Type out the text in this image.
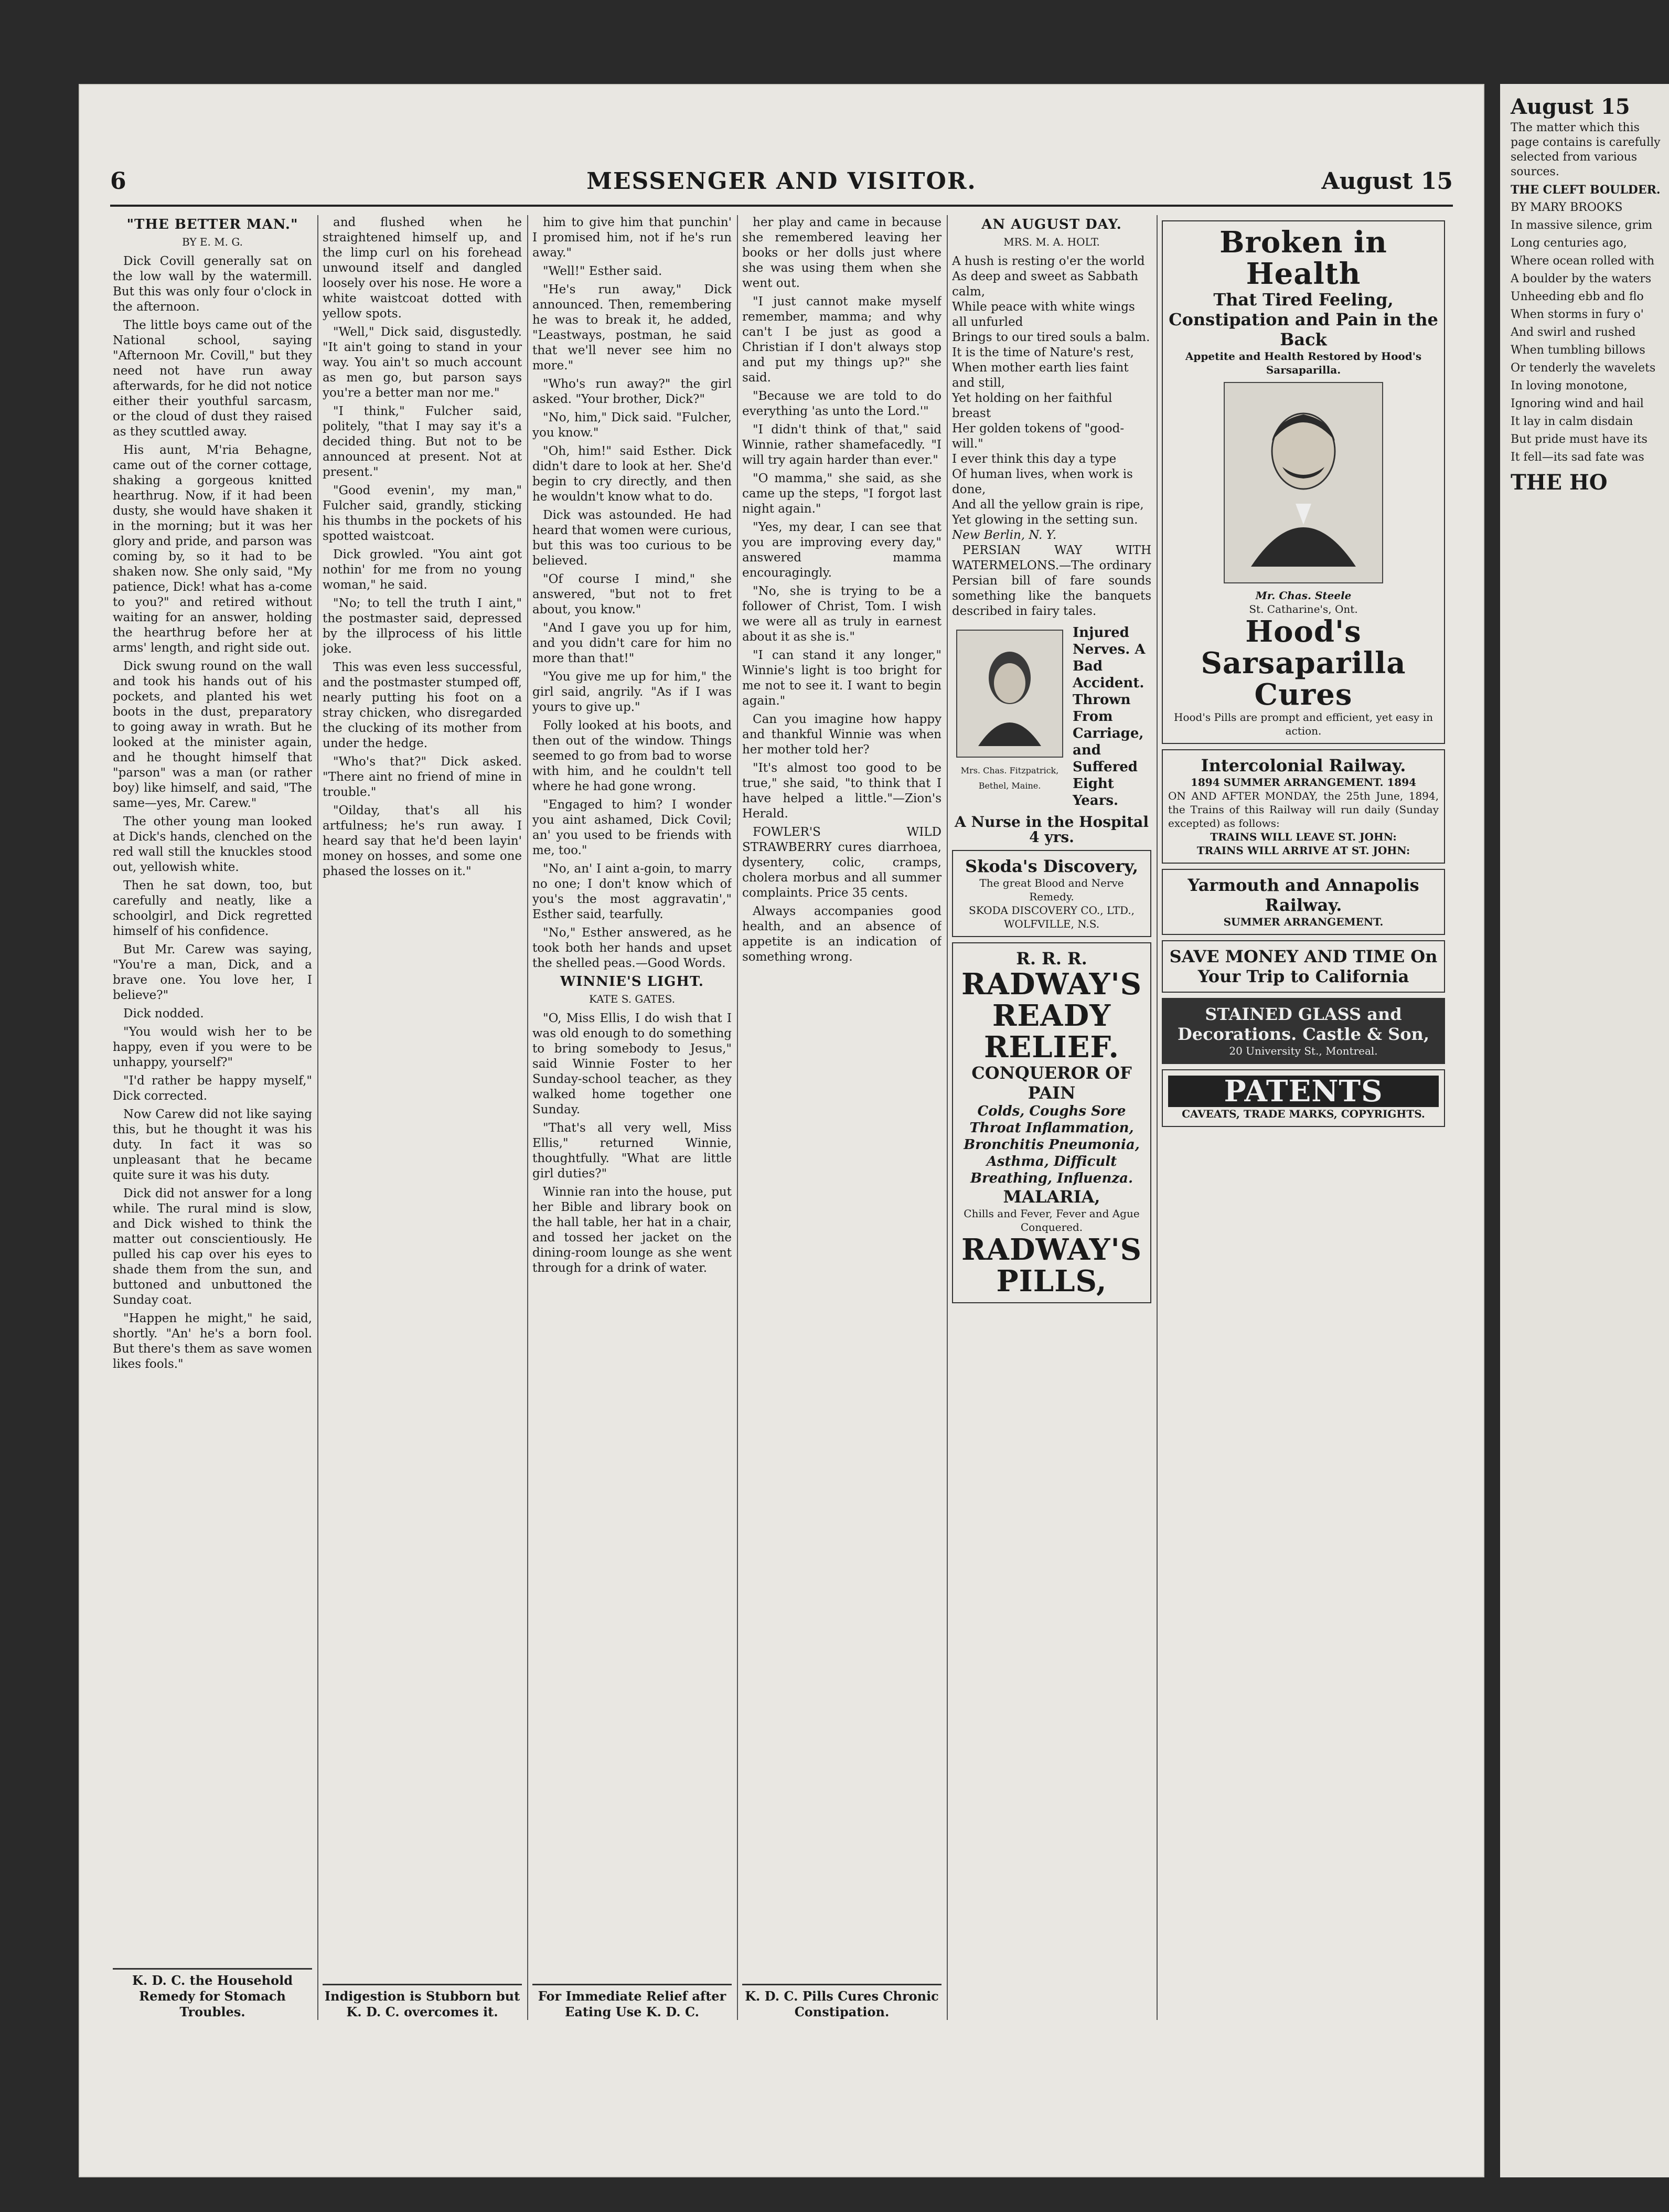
6	MESSENGER AND VISITOR.	August 15
"THE BETTER MAN."
BY E. M. G.

Dick Covill generally sat on the low wall by the watermill. But this was only four o'clock in the afternoon.

The little boys came out of the National school, saying "Afternoon Mr. Covill," but they need not have run away afterwards, for he did not notice either their youthful sarcasm, or the cloud of dust they raised as they scuttled away.

His aunt, M'ria Behagne, came out of the corner cottage, shaking a gorgeous knitted hearthrug. Now, if it had been dusty, she would have shaken it in the morning; but it was her glory and pride, and parson was coming by, so it had to be shaken now. She only said, "My patience, Dick! what has a-come to you?" and retired without waiting for an answer, holding the hearthrug before her at arms' length, and right side out.

Dick swung round on the wall and took his hands out of his pockets, and planted his wet boots in the dust, preparatory to going away in wrath. But he looked at the minister again, and he thought himself that "parson" was a man (or rather boy) like himself, and said, "The same—yes, Mr. Carew."

The other young man looked at Dick's hands, clenched on the red wall still the knuckles stood out, yellowish white.

Then he sat down, too, but carefully and neatly, like a schoolgirl, and Dick regretted himself of his confidence.

But Mr. Carew was saying, "You're a man, Dick, and a brave one. You love her, I believe?"

Dick nodded.

"You would wish her to be happy, even if you were to be unhappy, yourself?"

"I'd rather be happy myself," Dick corrected.

Now Carew did not like saying this, but he thought it was his duty. In fact it was so unpleasant that he became quite sure it was his duty.

Dick did not answer for a long while. The rural mind is slow, and Dick wished to think the matter out conscientiously. He pulled his cap over his eyes to shade them from the sun, and buttoned and unbuttoned the Sunday coat.

"Happen he might," he said, shortly. "An' he's a born fool. But there's them as save women likes fools."

K. D. C. the Household Remedy for Stomach Troubles.

and flushed when he straightened himself up, and the limp curl on his forehead unwound itself and dangled loosely over his nose. He wore a white waistcoat dotted with yellow spots.

"Well," Dick said, disgustedly. "It ain't going to stand in your way. You ain't so much account as men go, but parson says you're a better man nor me."

"I think," Fulcher said, politely, "that I may say it's a decided thing. But not to be announced at present. Not at present."

"Good evenin', my man," Fulcher said, grandly, sticking his thumbs in the pockets of his spotted waistcoat.

Dick growled. "You aint got nothin' for me from no young woman," he said.

"No; to tell the truth I aint," the postmaster said, depressed by the illprocess of his little joke.

This was even less successful, and the postmaster stumped off, nearly putting his foot on a stray chicken, who disregarded the clucking of its mother from under the hedge.

"Who's that?" Dick asked. "There aint no friend of mine in trouble."

"Oilday, that's all his artfulness; he's run away. I heard say that he'd been layin' money on hosses, and some one phased the losses on it."

Indigestion is Stubborn but K. D. C. overcomes it.

him to give him that punchin' I promised him, not if he's run away."

"Well!" Esther said.

"He's run away," Dick announced. Then, remembering he was to break it, he added, "Leastways, postman, he said that we'll never see him no more."

"Who's run away?" the girl asked. "Your brother, Dick?"

"No, him," Dick said. "Fulcher, you know."

"Oh, him!" said Esther. Dick didn't dare to look at her. She'd begin to cry directly, and then he wouldn't know what to do.

Dick was astounded. He had heard that women were curious, but this was too curious to be believed.

"Of course I mind," she answered, "but not to fret about, you know."

"And I gave you up for him, and you didn't care for him no more than that!"

"You give me up for him," the girl said, angrily. "As if I was yours to give up."

Folly looked at his boots, and then out of the window. Things seemed to go from bad to worse with him, and he couldn't tell where he had gone wrong.

"Engaged to him? I wonder you aint ashamed, Dick Covil; an' you used to be friends with me, too."

"No, an' I aint a-goin, to marry no one; I don't know which of you's the most aggravatin'," Esther said, tearfully.

"No," Esther answered, as he took both her hands and upset the shelled peas.—Good Words.

WINNIE'S LIGHT.
KATE S. GATES.

"O, Miss Ellis, I do wish that I was old enough to do something to bring somebody to Jesus," said Winnie Foster to her Sunday-school teacher, as they walked home together one Sunday.

"That's all very well, Miss Ellis," returned Winnie, thoughtfully. "What are little girl duties?"

Winnie ran into the house, put her Bible and library book on the hall table, her hat in a chair, and tossed her jacket on the dining-room lounge as she went through for a drink of water.

For Immediate Relief after Eating Use K. D. C.

her play and came in because she remembered leaving her books or her dolls just where she was using them when she went out.

"I just cannot make myself remember, mamma; and why can't I be just as good a Christian if I don't always stop and put my things up?" she said.

"Because we are told to do everything 'as unto the Lord.'"

"I didn't think of that," said Winnie, rather shamefacedly. "I will try again harder than ever."

"O mamma," she said, as she came up the steps, "I forgot last night again."

"Yes, my dear, I can see that you are improving every day," answered mamma encouragingly.

"No, she is trying to be a follower of Christ, Tom. I wish we were all as truly in earnest about it as she is."

"I can stand it any longer," Winnie's light is too bright for me not to see it. I want to begin again."

Can you imagine how happy and thankful Winnie was when her mother told her?

"It's almost too good to be true," she said, "to think that I have helped a little."—Zion's Herald.

FOWLER'S WILD STRAWBERRY cures diarrhoea, dysentery, colic, cramps, cholera morbus and all summer complaints. Price 35 cents.

Always accompanies good health, and an absence of appetite is an indication of something wrong.

K. D. C. Pills Cures Chronic Constipation.
AN AUGUST DAY.
MRS. M. A. HOLT.

A hush is resting o'er the world

As deep and sweet as Sabbath calm,

While peace with white wings all unfurled

Brings to our tired souls a balm.

It is the time of Nature's rest,

When mother earth lies faint and still,

Yet holding on her faithful breast

Her golden tokens of "good-will."

I ever think this day a type

Of human lives, when work is done,

And all the yellow grain is ripe,

Yet glowing in the setting sun.

New Berlin, N. Y.

PERSIAN WAY WITH WATERMELONS.—The ordinary Persian bill of fare sounds something like the banquets described in fairy tales.

Mrs. Chas. Fitzpatrick, Bethel, Maine.
Injured Nerves. A Bad Accident. Thrown From Carriage, and Suffered Eight Years.
A Nurse in the Hospital 4 yrs.
Skoda's Discovery,
The great Blood and Nerve Remedy.
SKODA DISCOVERY CO., LTD., WOLFVILLE, N.S.
R. R. R.
RADWAY'S READY RELIEF.
CONQUEROR OF PAIN
Colds, Coughs Sore Throat Inflammation, Bronchitis Pneumonia, Asthma, Difficult Breathing, Influenza.
MALARIA,
Chills and Fever, Fever and Ague Conquered.
RADWAY'S PILLS,
Broken in Health
That Tired Feeling, Constipation and Pain in the Back
Appetite and Health Restored by Hood's Sarsaparilla.
Mr. Chas. Steele
St. Catharine's, Ont.
Hood's Sarsaparilla Cures
Hood's Pills are prompt and efficient, yet easy in action.
Intercolonial Railway.
1894 SUMMER ARRANGEMENT. 1894
ON AND AFTER MONDAY, the 25th June, 1894, the Trains of this Railway will run daily (Sunday excepted) as follows:
TRAINS WILL LEAVE ST. JOHN:
TRAINS WILL ARRIVE AT ST. JOHN:
Yarmouth and Annapolis Railway.
SUMMER ARRANGEMENT.
SAVE MONEY AND TIME On Your Trip to California
STAINED GLASS and Decorations. Castle & Son,
20 University St., Montreal.
PATENTS
CAVEATS, TRADE MARKS, COPYRIGHTS.
August 15

The matter which this page contains is carefully selected from various sources.

THE CLEFT BOULDER.

BY MARY BROOKS

In massive silence, grim

Long centuries ago,

Where ocean rolled with

A boulder by the waters

Unheeding ebb and flo

When storms in fury o'

And swirl and rushed

When tumbling billows

Or tenderly the wavelets

In loving monotone,

Ignoring wind and hail

It lay in calm disdain

But pride must have its

It fell—its sad fate was

THE HO
